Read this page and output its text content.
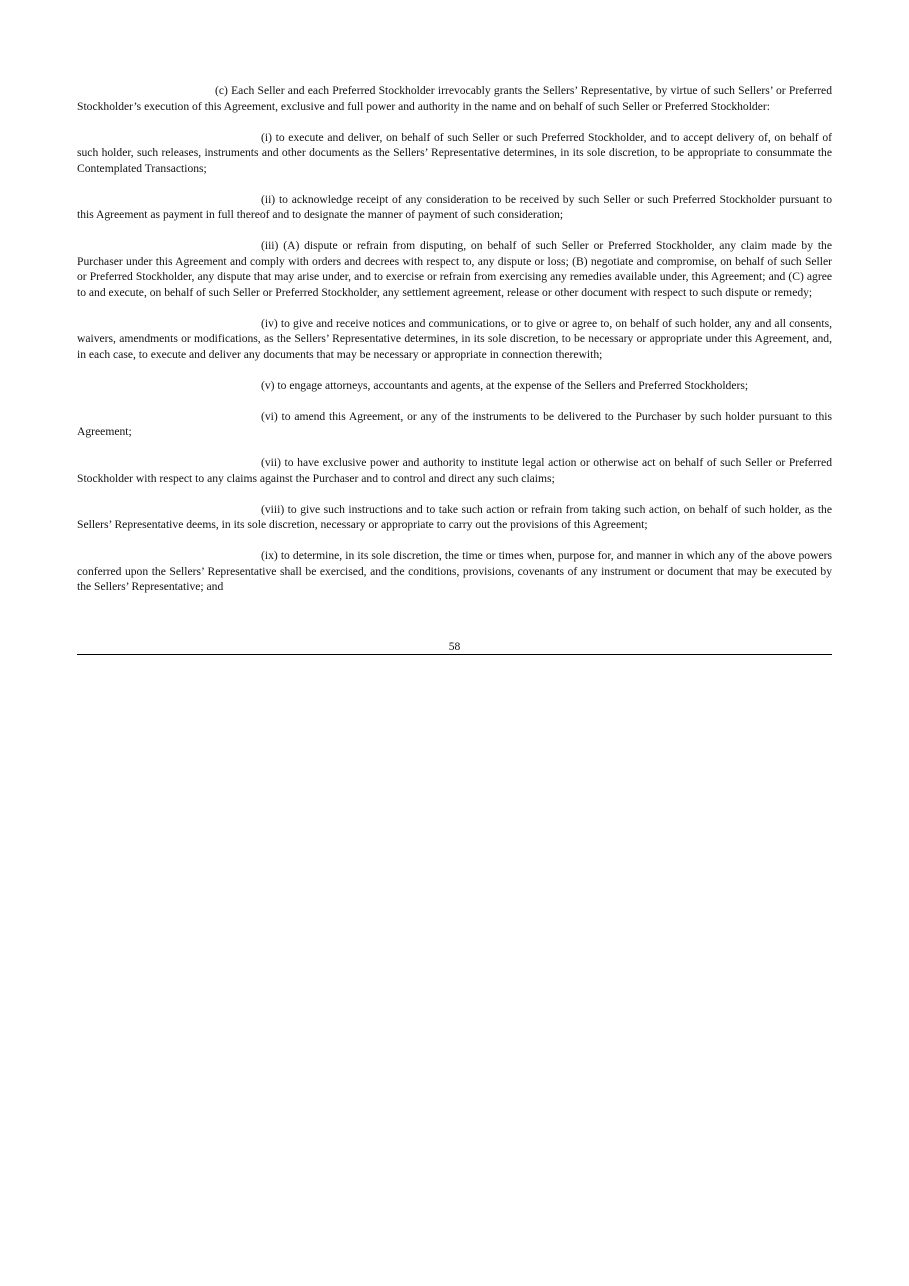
(c) Each Seller and each Preferred Stockholder irrevocably grants the Sellers’ Representative, by virtue of such Sellers’ or Preferred Stockholder’s execution of this Agreement, exclusive and full power and authority in the name and on behalf of such Seller or Preferred Stockholder:

(i) to execute and deliver, on behalf of such Seller or such Preferred Stockholder, and to accept delivery of, on behalf of such holder, such releases, instruments and other documents as the Sellers’ Representative determines, in its sole discretion, to be appropriate to consummate the Contemplated Transactions;

(ii) to acknowledge receipt of any consideration to be received by such Seller or such Preferred Stockholder pursuant to this Agreement as payment in full thereof and to designate the manner of payment of such consideration;

(iii) (A) dispute or refrain from disputing, on behalf of such Seller or Preferred Stockholder, any claim made by the Purchaser under this Agreement and comply with orders and decrees with respect to, any dispute or loss; (B) negotiate and compromise, on behalf of such Seller or Preferred Stockholder, any dispute that may arise under, and to exercise or refrain from exercising any remedies available under, this Agreement; and (C) agree to and execute, on behalf of such Seller or Preferred Stockholder, any settlement agreement, release or other document with respect to such dispute or remedy;

(iv) to give and receive notices and communications, or to give or agree to, on behalf of such holder, any and all consents, waivers, amendments or modifications, as the Sellers’ Representative determines, in its sole discretion, to be necessary or appropriate under this Agreement, and, in each case, to execute and deliver any documents that may be necessary or appropriate in connection therewith;

(v) to engage attorneys, accountants and agents, at the expense of the Sellers and Preferred Stockholders;

(vi) to amend this Agreement, or any of the instruments to be delivered to the Purchaser by such holder pursuant to this Agreement;

(vii) to have exclusive power and authority to institute legal action or otherwise act on behalf of such Seller or Preferred Stockholder with respect to any claims against the Purchaser and to control and direct any such claims;

(viii) to give such instructions and to take such action or refrain from taking such action, on behalf of such holder, as the Sellers’ Representative deems, in its sole discretion, necessary or appropriate to carry out the provisions of this Agreement;

(ix) to determine, in its sole discretion, the time or times when, purpose for, and manner in which any of the above powers conferred upon the Sellers’ Representative shall be exercised, and the conditions, provisions, covenants of any instrument or document that may be executed by the Sellers’ Representative; and

58
